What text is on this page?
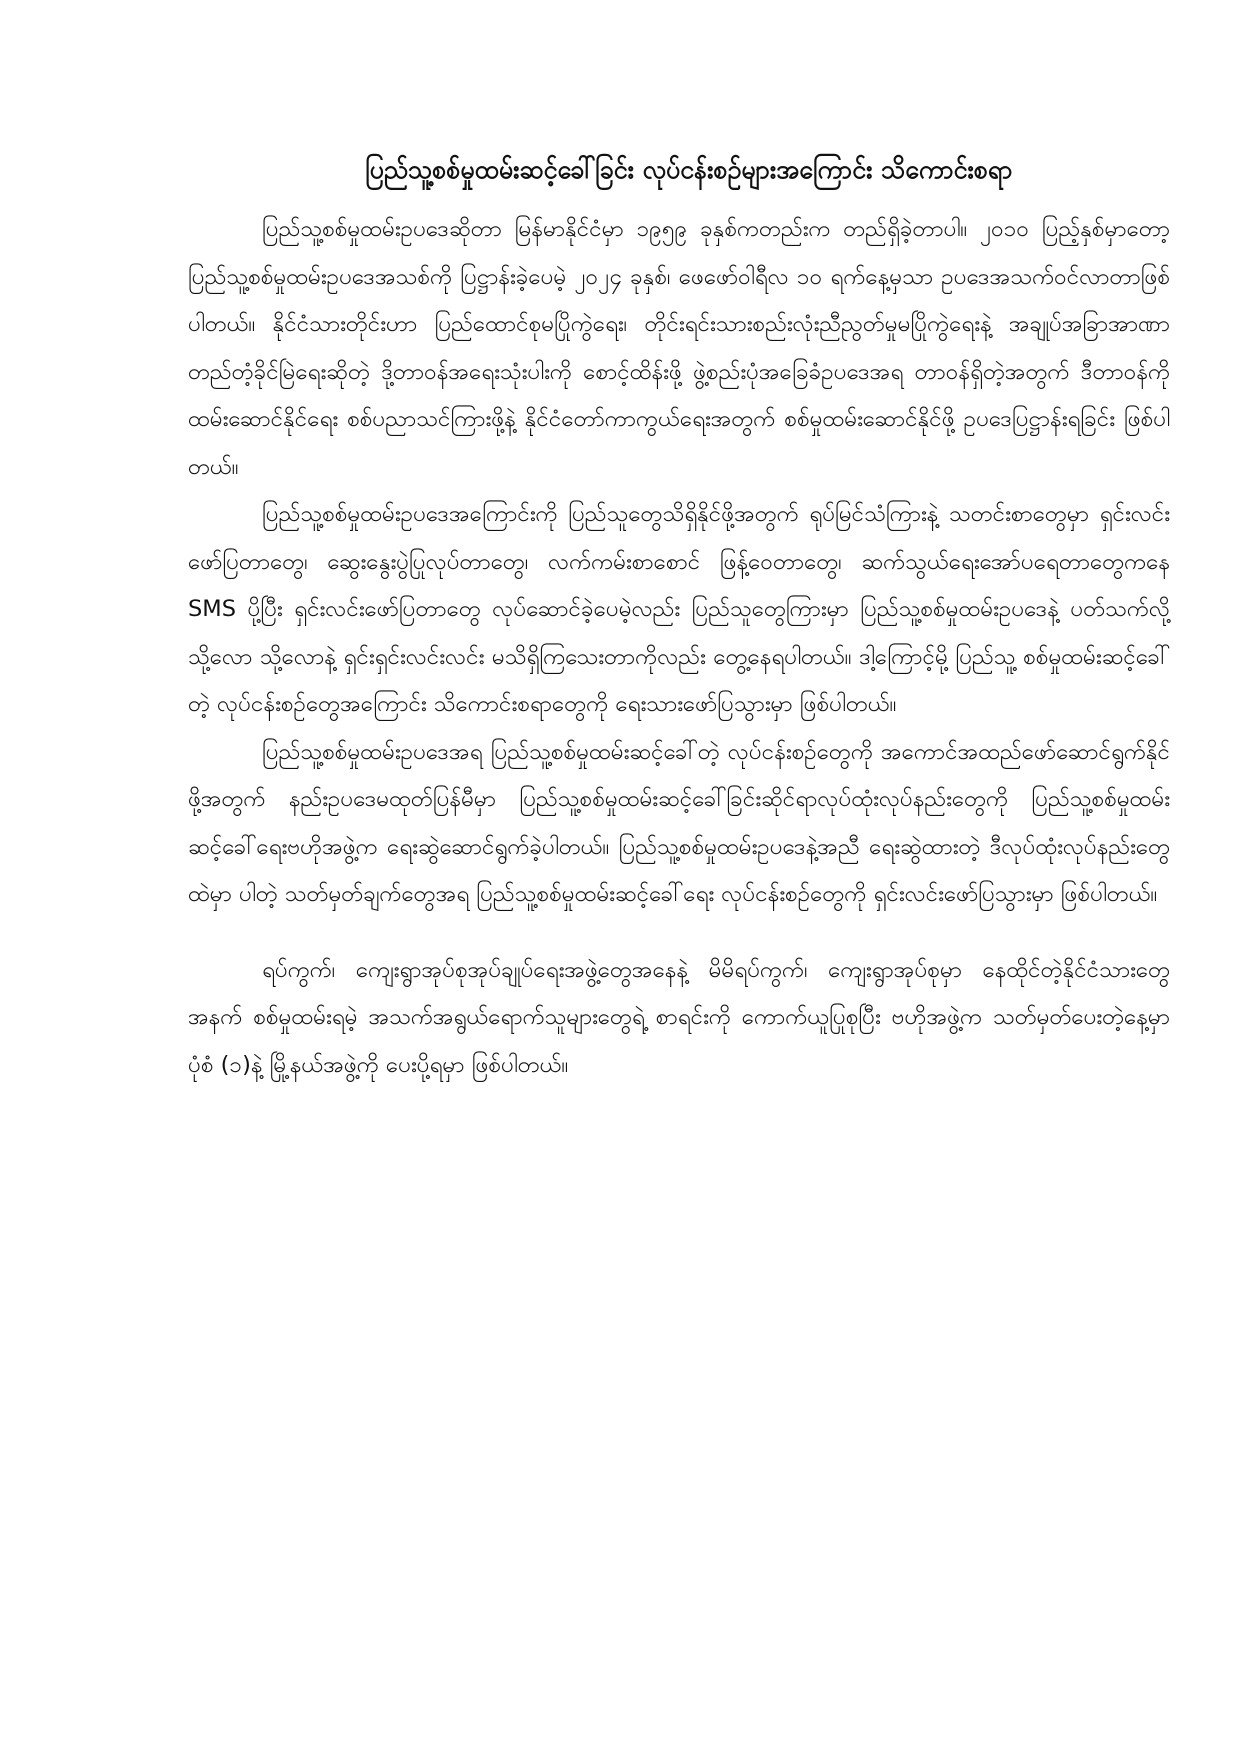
ပြည်သူ့စစ်မှုထမ်းဆင့်ခေါ်ခြင်း လုပ်ငန်းစဉ်များအကြောင်း သိကောင်းစရာ

ပြည်သူ့စစ်မှုထမ်းဥပဒေဆိုတာ မြန်မာနိုင်ငံမှာ ၁၉၅၉ ခုနှစ်ကတည်းက တည်ရှိခဲ့တာပါ။ ၂၀၁၀ ပြည့်နှစ်မှာတော့ ပြည်သူ့စစ်မှုထမ်းဥပဒေအသစ်ကို ပြဋ္ဌာန်းခဲ့ပေမဲ့ ၂၀၂၄ ခုနှစ်၊ ဖေဖော်ဝါရီလ ၁၀ ရက်နေ့မှသာ ဥပဒေအသက်ဝင်လာတာဖြစ်ပါတယ်။ နိုင်ငံသားတိုင်းဟာ ပြည်ထောင်စုမပြိုကွဲရေး၊ တိုင်းရင်းသားစည်းလုံးညီညွတ်မှုမပြိုကွဲရေးနဲ့ အချုပ်အခြာအာဏာ တည်တံ့ခိုင်မြဲရေးဆိုတဲ့ ဒို့တာဝန်အရေးသုံးပါးကို စောင့်ထိန်းဖို့ ဖွဲ့စည်းပုံအခြေခံဥပဒေအရ တာဝန်ရှိတဲ့အတွက် ဒီတာဝန်ကို ထမ်းဆောင်နိုင်ရေး စစ်ပညာသင်ကြားဖို့နဲ့ နိုင်ငံတော်ကာကွယ်ရေးအတွက် စစ်မှုထမ်းဆောင်နိုင်ဖို့ ဥပဒေပြဋ္ဌာန်းရခြင်း ဖြစ်ပါတယ်။

ပြည်သူ့စစ်မှုထမ်းဥပဒေအကြောင်းကို ပြည်သူတွေသိရှိနိုင်ဖို့အတွက် ရုပ်မြင်သံကြားနဲ့ သတင်းစာတွေမှာ ရှင်းလင်းဖော်ပြတာတွေ၊ ဆွေးနွေးပွဲပြုလုပ်တာတွေ၊ လက်ကမ်းစာစောင် ဖြန့်ဝေတာတွေ၊ ဆက်သွယ်ရေးအော်ပရေတာတွေကနေ SMS ပို့ပြီး ရှင်းလင်းဖော်ပြတာတွေ လုပ်ဆောင်ခဲ့ပေမဲ့လည်း ပြည်သူတွေကြားမှာ ပြည်သူ့စစ်မှုထမ်းဥပဒေနဲ့ ပတ်သက်လို့ သို့လော သို့လောနဲ့ ရှင်းရှင်းလင်းလင်း မသိရှိကြသေးတာကိုလည်း တွေ့နေရပါတယ်။ ဒါ့ကြောင့်မို့ ပြည်သူ့ စစ်မှုထမ်းဆင့်ခေါ်တဲ့ လုပ်ငန်းစဉ်တွေအကြောင်း သိကောင်းစရာတွေကို ရေးသားဖော်ပြသွားမှာ ဖြစ်ပါတယ်။

ပြည်သူ့စစ်မှုထမ်းဥပဒေအရ ပြည်သူ့စစ်မှုထမ်းဆင့်ခေါ်တဲ့ လုပ်ငန်းစဉ်တွေကို အကောင်အထည်ဖော်ဆောင်ရွက်နိုင်ဖို့အတွက် နည်းဥပဒေမထုတ်ပြန်မီမှာ ပြည်သူ့စစ်မှုထမ်းဆင့်ခေါ်ခြင်းဆိုင်ရာလုပ်ထုံးလုပ်နည်းတွေကို ပြည်သူ့စစ်မှုထမ်းဆင့်ခေါ်ရေးဗဟိုအဖွဲ့က ရေးဆွဲဆောင်ရွက်ခဲ့ပါတယ်။ ပြည်သူ့စစ်မှုထမ်းဥပဒေနဲ့အညီ ရေးဆွဲထားတဲ့ ဒီလုပ်ထုံးလုပ်နည်းတွေထဲမှာ ပါတဲ့ သတ်မှတ်ချက်တွေအရ ပြည်သူ့စစ်မှုထမ်းဆင့်ခေါ်ရေး လုပ်ငန်းစဉ်တွေကို ရှင်းလင်းဖော်ပြသွားမှာ ဖြစ်ပါတယ်။

ရပ်ကွက်၊ ကျေးရွာအုပ်စုအုပ်ချုပ်ရေးအဖွဲ့တွေအနေနဲ့ မိမိရပ်ကွက်၊ ကျေးရွာအုပ်စုမှာ နေထိုင်တဲ့နိုင်ငံသားတွေအနက် စစ်မှုထမ်းရမဲ့ အသက်အရွယ်ရောက်သူများတွေရဲ့ စာရင်းကို ကောက်ယူပြုစုပြီး ဗဟိုအဖွဲ့က သတ်မှတ်ပေးတဲ့နေ့မှာ ပုံစံ (၁)နဲ့ မြို့နယ်အဖွဲ့ကို ပေးပို့ရမှာ ဖြစ်ပါတယ်။
